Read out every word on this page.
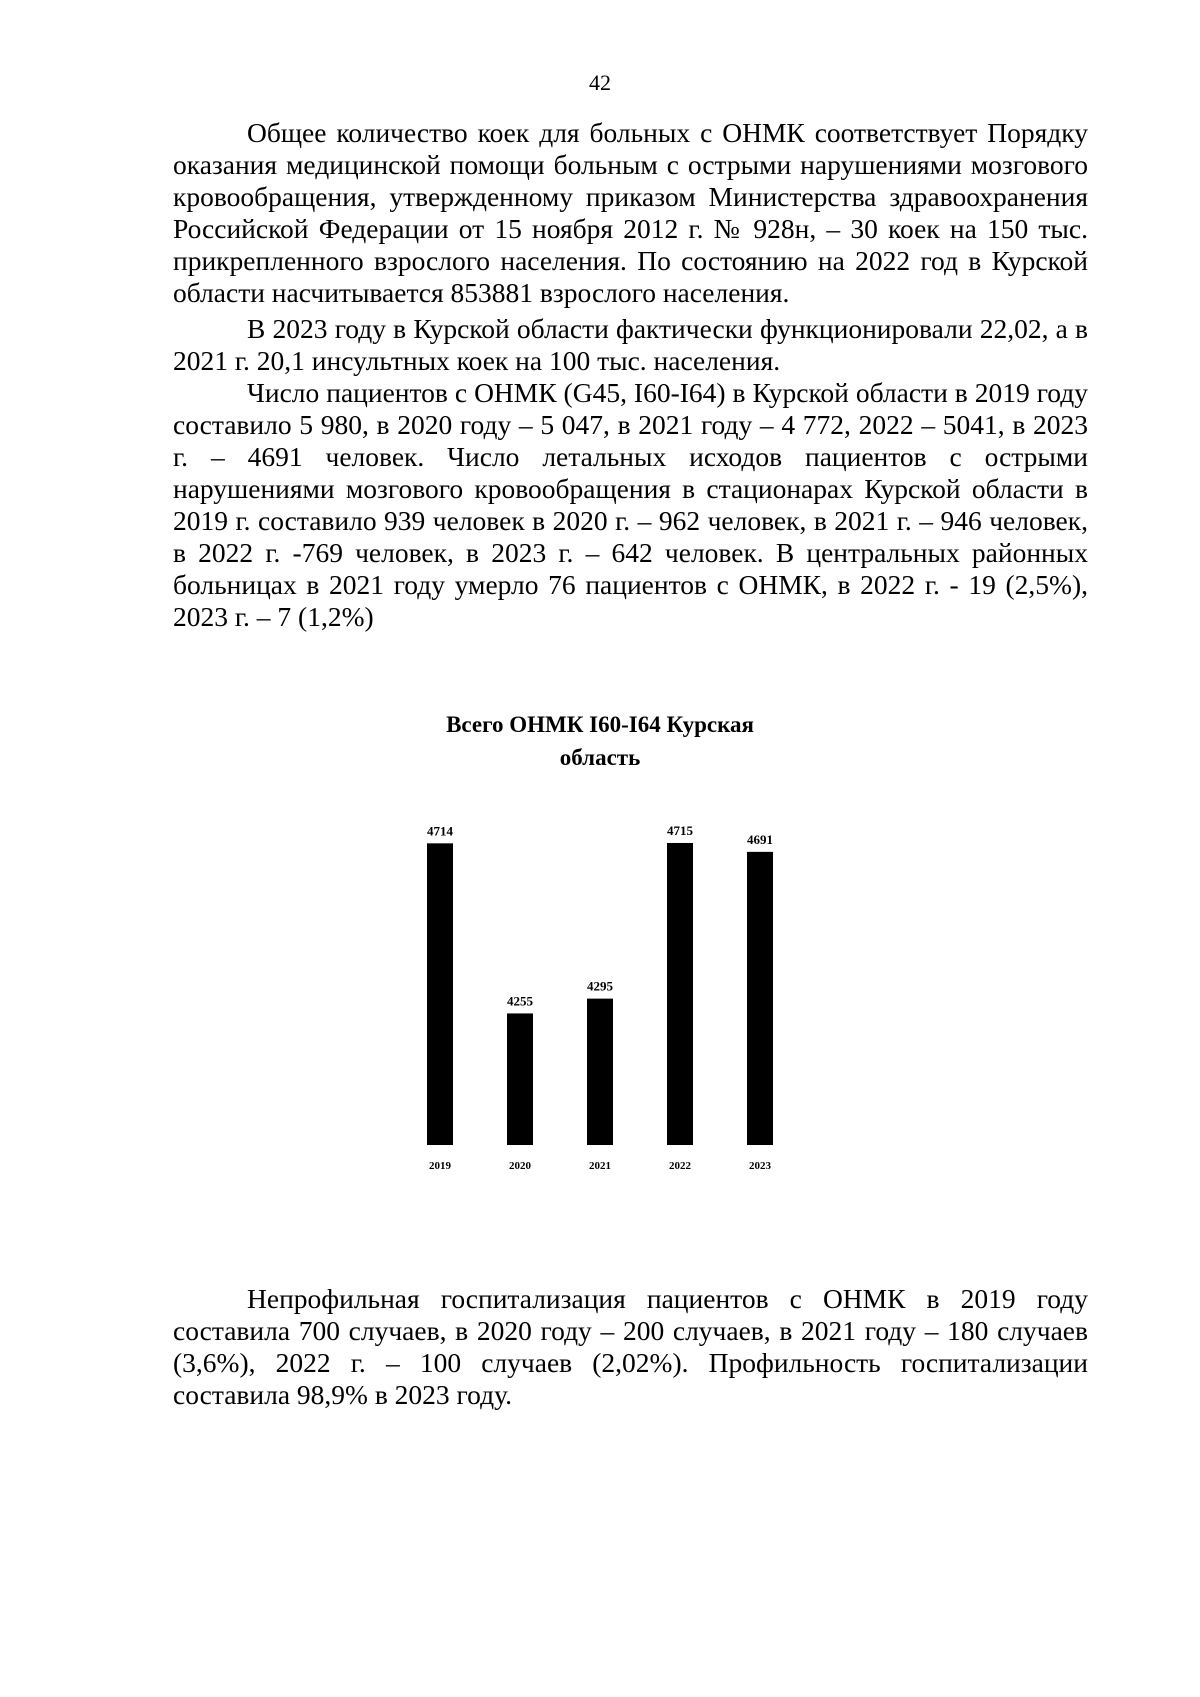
42

Общее количество коек для больных с ОНМК соответствует Порядку оказания медицинской помощи больным с острыми нарушениями мозгового кровообращения, утвержденному приказом Министерства здравоохранения Российской Федерации от 15 ноября 2012 г. № 928н, – 30 коек на 150 тыс. прикрепленного взрослого населения. По состоянию на 2022 год в Курской области насчитывается 853881 взрослого населения.

В 2023 году в Курской области фактически функционировали 22,02, а в 2021 г. 20,1 инсультных коек на 100 тыс. населения.

Число пациентов с ОНМК (G45, I60-I64) в Курской области в 2019 году составило 5 980, в 2020 году – 5 047, в 2021 году – 4 772, 2022 – 5041, в 2023 г. – 4691 человек. Число летальных исходов пациентов с острыми нарушениями мозгового кровообращения в стационарах Курской области в 2019 г. составило 939 человек в 2020 г. – 962 человек, в 2021 г. – 946 человек, в 2022 г. -769 человек, в 2023 г. – 642 человек. В центральных районных больницах в 2021 году умерло 76 пациентов с ОНМК, в 2022 г. - 19 (2,5%), 2023 г. – 7 (1,2%)

Всего ОНМК I60-I64 Курская
область
4714
2019
4255
2020
4295
2021
4715
2022
4691
2023

Непрофильная госпитализация пациентов с ОНМК в 2019 году составила 700 случаев, в 2020 году – 200 случаев, в 2021 году – 180 случаев (3,6%), 2022 г. – 100 случаев (2,02%). Профильность госпитализации составила 98,9% в 2023 году.
